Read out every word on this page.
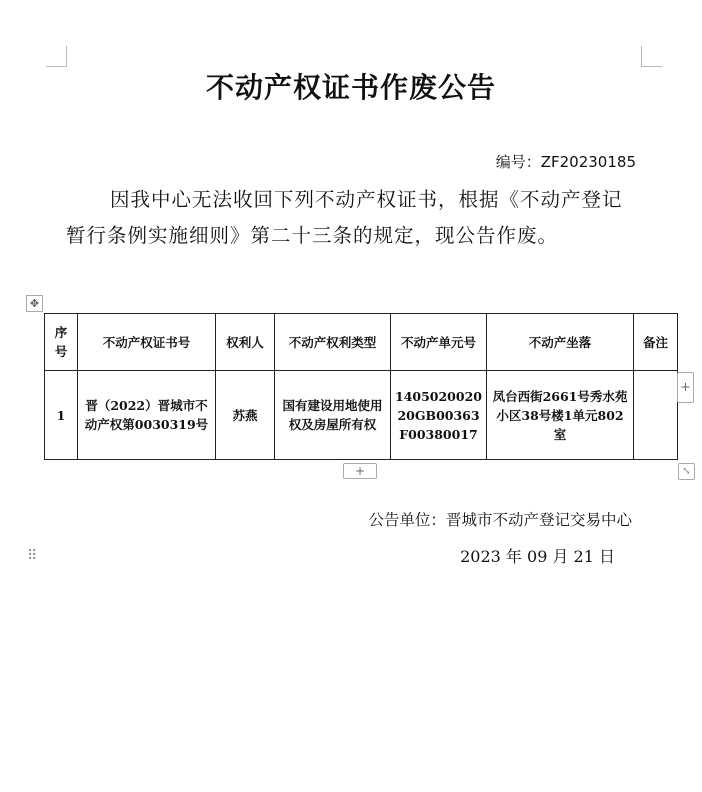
不动产权证书作废公告
编号：ZF20230185
因我中心无法收回下列不动产权证书，根据《不动产登记暂行条例实施细则》第二十三条的规定，现公告作废。
✥
序号	不动产权证书号	权利人	不动产权利类型	不动产单元号	不动产坐落	备注
1	晋（2022）晋城市不动产权第0030319号	苏燕	国有建设用地使用权及房屋所有权	140502002020GB00363F00380017	凤台西街2661号秀水苑小区38号楼1单元802室	
+
+	⤡
公告单位：晋城市不动产登记交易中心
⠿	2023 年 09 月 21 日
